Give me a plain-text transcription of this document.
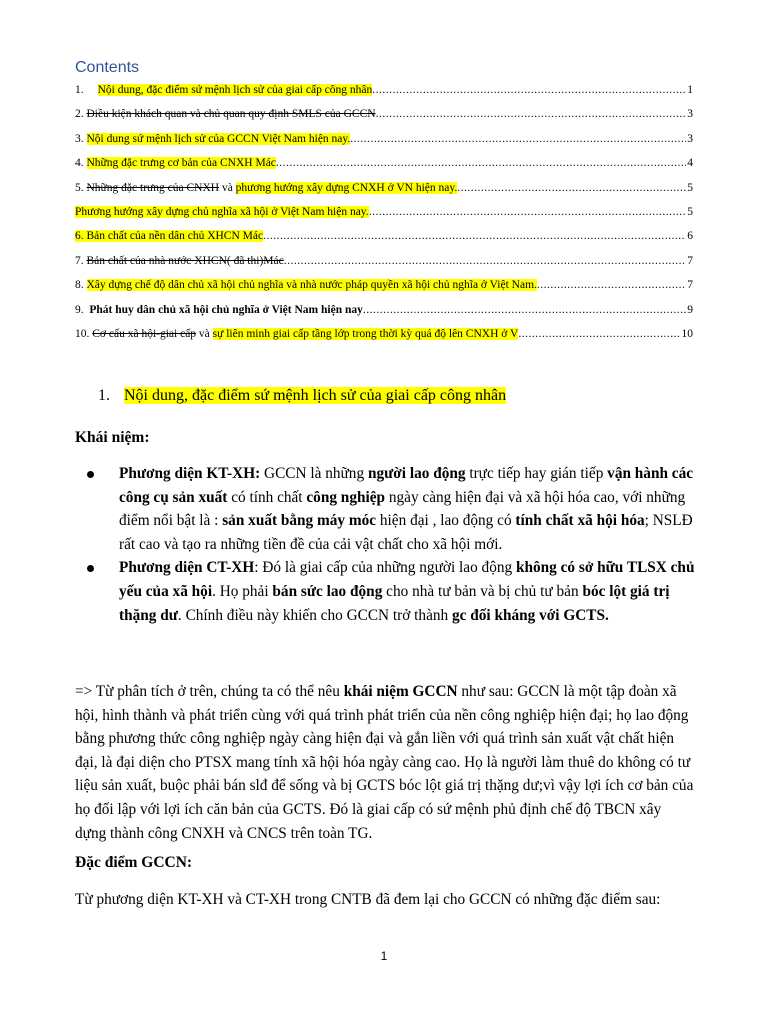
Contents
1. Nội dung, đặc điểm sứ mệnh lịch sử của giai cấp công nhân .....	1
2. Điều kiện khách quan và chủ quan quy định SMLS của GCCN .....	3
3. Nội dung sứ mệnh lịch sử của GCCN Việt Nam hiện nay. .....	3
4. Những đặc trưng cơ bản của CNXH Mác .....	4
5. Những đặc trưng của CNXH và phương hướng xây dựng CNXH ở VN hiện nay. .....	5
Phương hướng xây dựng chủ nghĩa xã hội ở Việt Nam hiện nay. .....	5
6. Bản chất của nền dân chủ XHCN Mác .....	6
7. Bản chất của nhà nước XHCN( đã thi)Mác .....	7
8. Xây dựng chế độ dân chủ xã hội chủ nghĩa và nhà nước pháp quyền xã hội chủ nghĩa ở Việt Nam. .....	7
9. Phát huy dân chủ xã hội chủ nghĩa ở Việt Nam hiện nay .....	9
10. Cơ cấu xã hội-giai cấp và sự liên minh giai cấp tầng lớp trong thời kỳ quá độ lên CNXH ở V .....	10
1. Nội dung, đặc điểm sứ mệnh lịch sử của giai cấp công nhân
Khái niệm:
Phương diện KT-XH: GCCN là những người lao động trực tiếp hay gián tiếp vận hành các công cụ sản xuất có tính chất công nghiệp ngày càng hiện đại và xã hội hóa cao, với những điểm nổi bật là : sản xuất bằng máy móc hiện đại , lao động có tính chất xã hội hóa; NSLĐ rất cao và tạo ra những tiền đề của cải vật chất cho xã hội mới.
Phương diện CT-XH: Đó là giai cấp của những người lao động không có sở hữu TLSX chủ yếu của xã hội. Họ phải bán sức lao động cho nhà tư bản và bị chủ tư bản bóc lột giá trị thặng dư. Chính điều này khiến cho GCCN trở thành gc đối kháng với GCTS.
=> Từ phân tích ở trên, chúng ta có thể nêu khái niệm GCCN như sau: GCCN là một tập đoàn xã hội, hình thành và phát triển cùng với quá trình phát triển của nền công nghiệp hiện đại; họ lao động bằng phương thức công nghiệp ngày càng hiện đại và gắn liền với quá trình sản xuất vật chất hiện đại, là đại diện cho PTSX mang tính xã hội hóa ngày càng cao. Họ là người làm thuê do không có tư liệu sản xuất, buộc phải bán slđ để sống và bị GCTS bóc lột giá trị thặng dư;vì vậy lợi ích cơ bản của họ đối lập với lợi ích căn bản của GCTS. Đó là giai cấp có sứ mệnh phủ định chế độ TBCN xây dựng thành công CNXH và CNCS trên toàn TG.
Đặc điểm GCCN:
Từ phương diện KT-XH và CT-XH trong CNTB đã đem lại cho GCCN có những đặc điểm sau:
1
